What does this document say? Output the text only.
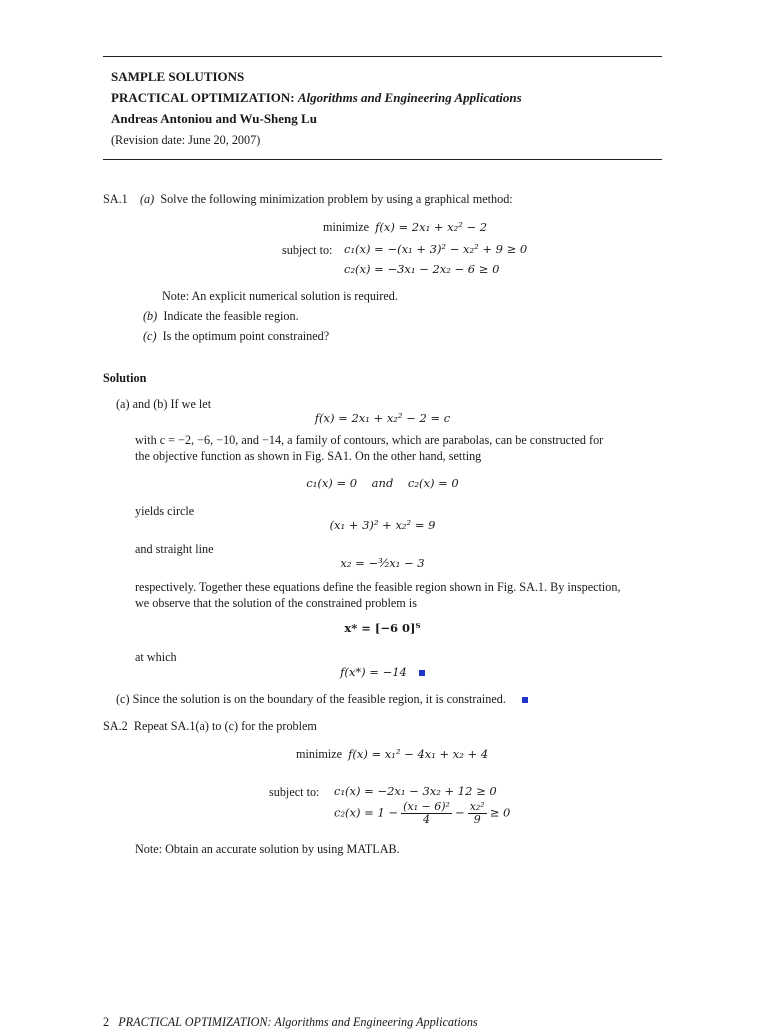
SAMPLE SOLUTIONS
PRACTICAL OPTIMIZATION: Algorithms and Engineering Applications
Andreas Antoniou and Wu-Sheng Lu
(Revision date: June 20, 2007)
SA.1 (a) Solve the following minimization problem by using a graphical method:
minimize f(x) = 2x₁ + x₂² − 2
subject to: c₁(x) = −(x₁ + 3)² − x₂² + 9 ≥ 0
c₂(x) = −3x₁ − 2x₂ − 6 ≥ 0
Note: An explicit numerical solution is required.
(b) Indicate the feasible region.
(c) Is the optimum point constrained?
Solution
(a) and (b) If we let
f(x) = 2x₁ + x₂² − 2 = c
with c = −2, −6, −10, and −14, a family of contours, which are parabolas, can be constructed for
the objective function as shown in Fig. SA1. On the other hand, setting
c₁(x) = 0    and    c₂(x) = 0
yields circle
(x₁ + 3)² + x₂² = 9
and straight line
x₂ = −³⁄₂x₁ − 3
respectively. Together these equations define the feasible region shown in Fig. SA.1. By inspection,
we observe that the solution of the constrained problem is
x* = [−6 0]ᵀ
at which
f(x*) = −14
(c) Since the solution is on the boundary of the feasible region, it is constrained.
SA.2 Repeat SA.1(a) to (c) for the problem
minimize f(x) = x₁² − 4x₁ + x₂ + 4
subject to: c₁(x) = −2x₁ − 3x₂ + 12 ≥ 0
$c_2(x) = 1 - \frac{\text{(x₁ − 6)²}}{4} - \frac{\text{x₂²}}{9} \ge 0$
Note: Obtain an accurate solution by using MATLAB.
2 PRACTICAL OPTIMIZATION: Algorithms and Engineering Applications
